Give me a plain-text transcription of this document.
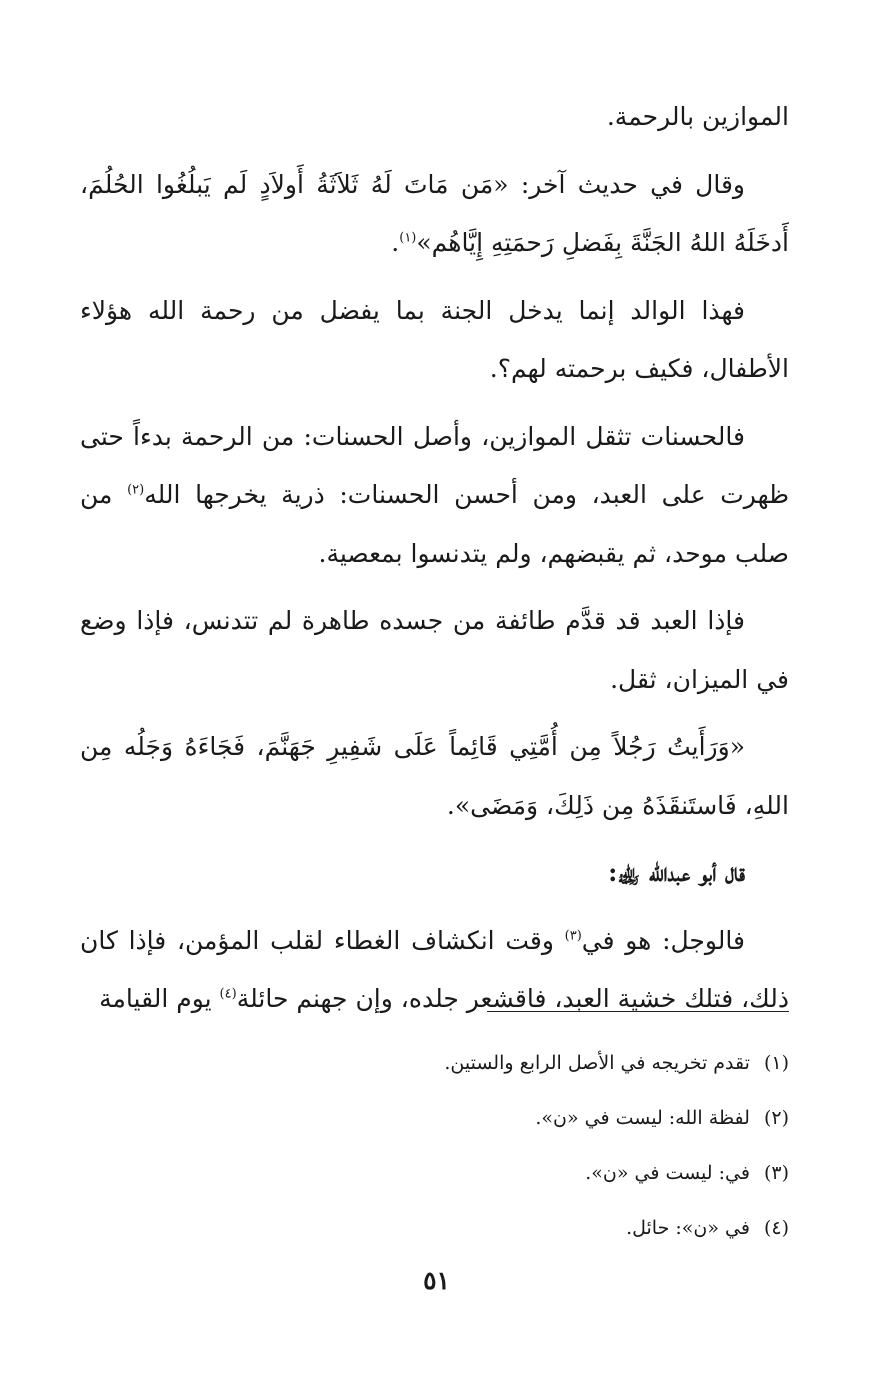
الموازين بالرحمة.

وقال في حديث آخر: «مَن مَاتَ لَهُ ثَلاَثَةُ أَولاَدٍ لَم يَبلُغُوا الحُلُمَ، أَدخَلَهُ اللهُ الجَنَّةَ بِفَضلِ رَحمَتِهِ إِيَّاهُم»$^{(١)}$.

فهذا الوالد إنما يدخل الجنة بما يفضل من رحمة الله هؤلاء الأطفال، فكيف برحمته لهم؟.

فالحسنات تثقل الموازين، وأصل الحسنات: من الرحمة بدءاً حتى ظهرت على العبد، ومن أحسن الحسنات: ذرية يخرجها الله$^{(٢)}$ من صلب موحد، ثم يقبضهم، ولم يتدنسوا بمعصية.

فإذا العبد قد قدَّم طائفة من جسده طاهرة لم تتدنس، فإذا وضع في الميزان، ثقل.

«وَرَأَيتُ رَجُلاً مِن أُمَّتِي قَائِماً عَلَى شَفِيرِ جَهَنَّمَ، فَجَاءَهُ وَجَلُه مِن اللهِ، فَاستَنقَذَهُ مِن ذَلِكَ، وَمَضَى».

قال أبو عبدالله ﵀:

فالوجل: هو في$^{(٣)}$ وقت انكشاف الغطاء لقلب المؤمن، فإذا كان ذلك، فتلك خشية العبد، فاقشعر جلده، وإن جهنم حائلة$^{(٤)}$ يوم القيامة

(١)
تقدم تخريجه في الأصل الرابع والستين.
(٢)
لفظة الله: ليست في «ن».
(٣)
في: ليست في «ن».
(٤)
في «ن»: حائل.
٥١
